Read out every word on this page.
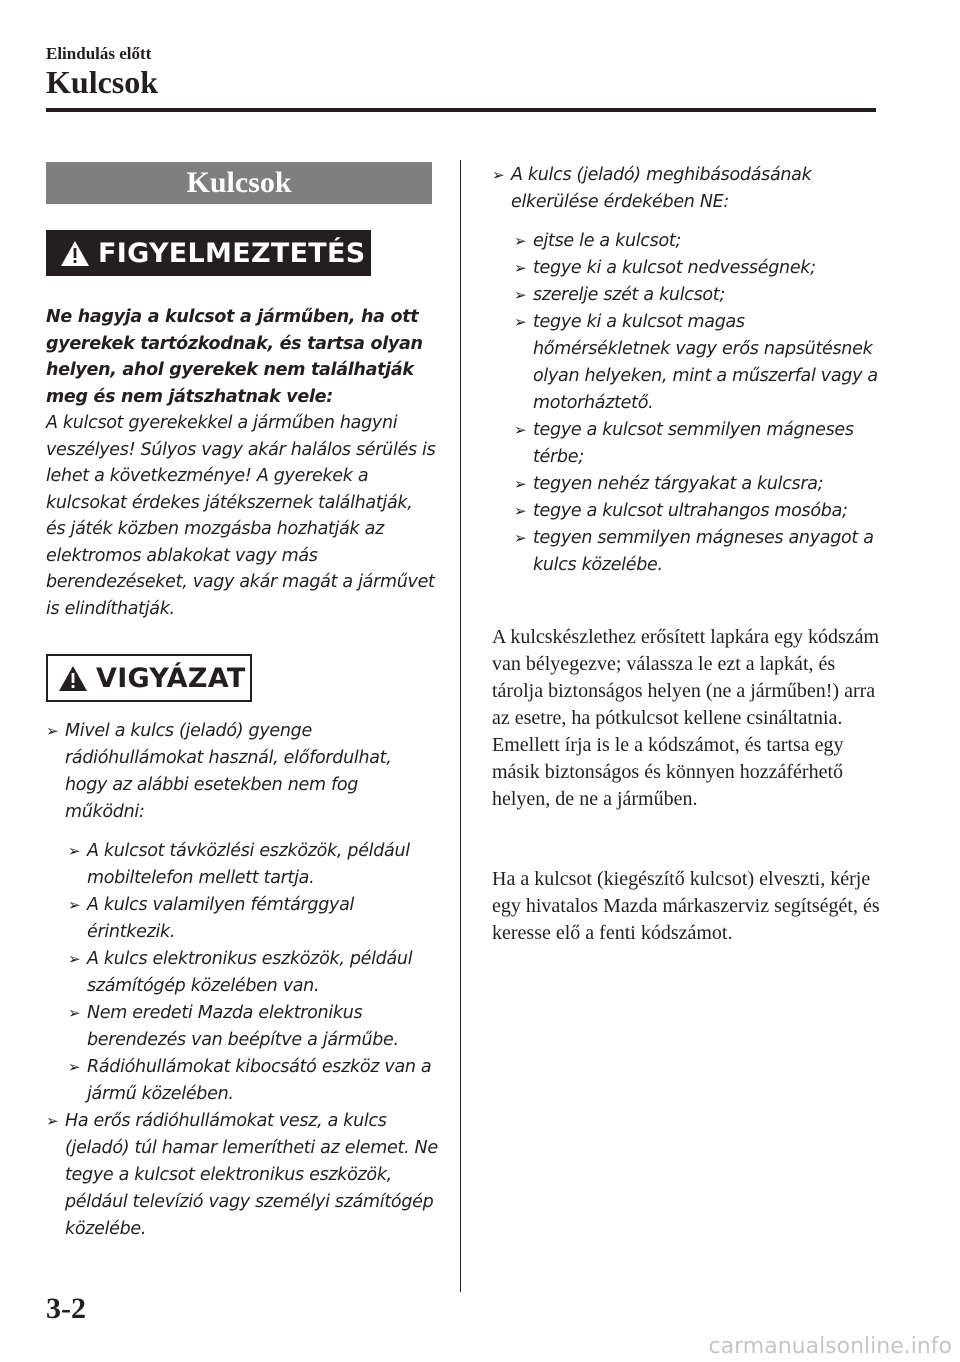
Elindulás előtt
Kulcsok
Kulcsok
FIGYELMEZTETÉS
Ne hagyja a kulcsot a járműben, ha ott gyerekek tartózkodnak, és tartsa olyan helyen, ahol gyerekek nem találhatják meg és nem játszhatnak vele:
A kulcsot gyerekekkel a járműben hagyni veszélyes! Súlyos vagy akár halálos sérülés is lehet a következménye! A gyerekek a kulcsokat érdekes játékszernek találhatják, és játék közben mozgásba hozhatják az elektromos ablakokat vagy más berendezéseket, vagy akár magát a járművet is elindíthatják.
VIGYÁZAT
➢ Mivel a kulcs (jeladó) gyenge rádióhullámokat használ, előfordulhat, hogy az alábbi esetekben nem fog működni:
➢ A kulcsot távközlési eszközök, például mobiltelefon mellett tartja.
➢ A kulcs valamilyen fémtárggyal érintkezik.
➢ A kulcs elektronikus eszközök, például számítógép közelében van.
➢ Nem eredeti Mazda elektronikus berendezés van beépítve a járműbe.
➢ Rádióhullámokat kibocsátó eszköz van a jármű közelében.
➢ Ha erős rádióhullámokat vesz, a kulcs (jeladó) túl hamar lemerítheti az elemet. Ne tegye a kulcsot elektronikus eszközök, például televízió vagy személyi számítógép közelébe.
➢ A kulcs (jeladó) meghibásodásának elkerülése érdekében NE:
➢ ejtse le a kulcsot;
➢ tegye ki a kulcsot nedvességnek;
➢ szerelje szét a kulcsot;
➢ tegye ki a kulcsot magas hőmérsékletnek vagy erős napsütésnek olyan helyeken, mint a műszerfal vagy a motorháztető.
➢ tegye a kulcsot semmilyen mágneses térbe;
➢ tegyen nehéz tárgyakat a kulcsra;
➢ tegye a kulcsot ultrahangos mosóba;
➢ tegyen semmilyen mágneses anyagot a kulcs közelébe.
A kulcskészlethez erősített lapkára egy kódszám van bélyegezve; válassza le ezt a lapkát, és tárolja biztonságos helyen (ne a járműben!) arra az esetre, ha pótkulcsot kellene csináltatnia.
Emellett írja is le a kódszámot, és tartsa egy másik biztonságos és könnyen hozzáférhető helyen, de ne a járműben.
Ha a kulcsot (kiegészítő kulcsot) elveszti, kérje egy hivatalos Mazda márkaszerviz segítségét, és keresse elő a fenti kódszámot.
3-2
carmanualsonline.info
